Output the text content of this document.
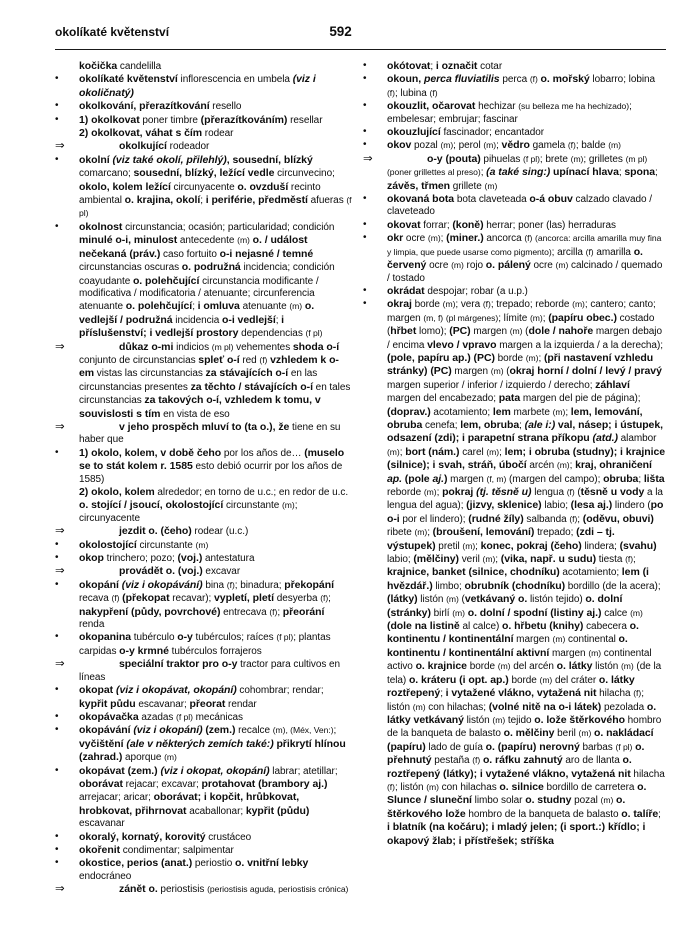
okolíkaté květenství	592
kočička candelilla
•	okolíkaté květenství inflorescencia en umbela (viz i okoličnatý)
•	okolkování, přerazítkování resello
•	1) okolkovat poner timbre (přerazítkováním) resellar
2) okolkovat, váhat s čím rodear
⇒	okolkující rodeador
•	okolní (viz také okolí, přilehlý), sousední, blízký comarcano; sousední, blízký, ležící vedle circunvecino; okolo, kolem ležící circunyacente o. ovzduší recinto ambiental o. krajina, okolí; i periférie, předměstí afueras (f pl)
•	okolnost circunstancia; ocasión; particularidad; condición minulé o-i, minulost antecedente (m) o. / událost nečekaná (práv.) caso fortuito o-i nejasné / temné circunstancias oscuras o. podružná incidencia; condición coayudante o. polehčující circunstancia modificante / modificativa / modificatoria / atenuante; circunferencia atenuante o. polehčující; i omluva atenuante (m) o. vedlejší / podružná incidencia o-i vedlejší; i příslušenství; i vedlejší prostory dependencias (f pl)
⇒	důkaz o-mi indicios (m pl) vehementes shoda o-í conjunto de circunstancias spleť o-í red (f) vzhledem k o-em vistas las circunstancias za stávajících o-í en las circunstancias presentes za těchto / stávajících o-í en tales circunstancias za takových o-í, vzhledem k tomu, v souvislosti s tím en vista de eso
⇒	v jeho prospěch mluví to (ta o.), že tiene en su haber que
•	1) okolo, kolem, v době čeho por los años de… (muselo se to stát kolem r. 1585 esto debió ocurrir por los años de 1585)
2) okolo, kolem alrededor; en torno de u.c.; en redor de u.c. o. stojící / jsoucí, okolostojící circunstante (m); circunyacente
⇒	jezdit o. (čeho) rodear (u.c.)
•	okolostojící circunstante (m)
•	okop trinchero; pozo; (voj.) antestatura
⇒	provádět o. (voj.) excavar
•	okopání (viz i okopávání) bina (f); binadura; překopání recava (f) (překopat recavar); vypletí, pletí desyerba (f); nakypření (půdy, povrchové) entrecava (f); přeorání renda
•	okopanina tubérculo o-y tubérculos; raíces (f pl); plantas carpidas o-y krmné tubérculos forrajeros
⇒	speciální traktor pro o-y tractor para cultivos en líneas
•	okopat (viz i okopávat, okopání) cohombrar; rendar; kypřit půdu escavanar; přeorat rendar
•	okopávačka azadas (f pl) mecánicas
•	okopávání (viz i okopání) (zem.) recalce (m), (Méx, Ven:); vyčištění (ale v některých zemích také:) přikrytí hlínou (zahrad.) aporque (m)
•	okopávat (zem.) (viz i okopat, okopání) labrar; atetillar; oborávat rejacar; excavar; protahovat (brambory aj.) arrejacar; aricar; oborávat; i kopčit, hrůbkovat, hrobkovat, přihrnovat acaballonar; kypřit (půdu) escavanar
•	okoralý, kornatý, korovitý crustáceo
•	okořenit condimentar; salpimentar
•	okostice, perios (anat.) periostio o. vnitřní lebky endocráneo
⇒	zánět o. periostisis (periostisis aguda, periostisis crónica)
•	okótovat; i označit cotar
•	okoun, perca fluviatilis perca (f) o. mořský lobarro; lobina (f); lubina (f)
•	okouzlit, očarovat hechizar (su belleza me ha hechizado); embelesar; embrujar; fascinar
•	okouzlující fascinador; encantador
•	okov pozal (m); perol (m); vědro gamela (f); balde (m)
⇒	o-y (pouta) pihuelas (f pl); brete (m); grilletes (m pl) (poner grillettes al preso); (a také sing:) upínací hlava; spona; závěs, třmen grillete (m)
•	okovaná bota bota claveteada o-á obuv calzado clavado / claveteado
•	okovat forrar; (koně) herrar; poner (las) herraduras
•	okr ocre (m); (miner.) ancorca (f) (ancorca: arcilla amarilla muy fina y limpia, que puede usarse como pigmento); arcilla (f) amarilla o. červený ocre (m) rojo o. pálený ocre (m) calcinado / quemado / tostado
•	okrádat despojar; robar (a u.p.)
•	okraj borde (m); vera (f); trepado; reborde (m); cantero; canto; margen (m, f) (pl márgenes); límite (m); (papíru obec.) costado (hřbet lomo); (PC) margen (m) (dole / nahoře margen debajo / encima vlevo / vpravo margen a la izquierda / a la derecha); (pole, papíru ap.) (PC) borde (m); (při nastavení vzhledu stránky) (PC) margen (m) (okraj horní / dolní / levý / pravý margen superior / inferior / izquierdo / derecho; záhlaví margen del encabezado; pata margen del pie de página); (doprav.) acotamiento; lem marbete (m); lem, lemování, obruba cenefa; lem, obruba; (ale i:) val, násep; i ústupek, odsazení (zdi); i parapetní strana příkopu (atd.) alambor (m); bort (nám.) carel (m); lem; i obruba (studny); i krajnice (silnice); i svah, stráň, úbočí arcén (m); kraj, ohraničení ap. (pole aj.) margen (f, m) (margen del campo); obruba; lišta reborde (m); pokraj (tj. těsně u) lengua (f) (těsně u vody a la lengua del agua); (jizvy, sklenice) labio; (lesa aj.) lindero (po o-i por el lindero); (rudné žíly) salbanda (f); (oděvu, obuvi) ribete (m); (broušení, lemování) trepado; (zdi – tj. výstupek) pretil (m); konec, pokraj (čeho) lindera; (svahu) labio; (mělčiny) veril (m); (vika, např. u sudu) tiesta (f); krajnice, banket (silnice, chodníku) acotamiento; lem (i hvězdář.) limbo; obrubník (chodníku) bordillo (de la acera); (látky) listón (m) (vetkávaný o. listón tejido) o. dolní (stránky) birlí (m) o. dolní / spodní (listiny aj.) calce (m) (dole na listině al calce) o. hřbetu (knihy) cabecera o. kontinentu / kontinentální margen (m) continental o. kontinentu / kontinentální aktivní margen (m) continental activo o. krajnice borde (m) del arcén o. látky listón (m) (de la tela) o. kráteru (i opt. ap.) borde (m) del cráter o. látky roztřepený; i vytažené vlákno, vytažená nit hilacha (f); listón (m) con hilachas; (volné nitě na o-i látek) pezolada o. látky vetkávaný listón (m) tejido o. lože štěrkového hombro de la banqueta de balasto o. mělčiny beril (m) o. nakládací (papíru) lado de guía o. (papíru) nerovný barbas (f pl) o. přehnutý pestaña (f) o. ráfku zahnutý aro de llanta o. roztřepený (látky); i vytažené vlákno, vytažená nit hilacha (f); listón (m) con hilachas o. silnice bordillo de carretera o. Slunce / sluneční limbo solar o. studny pozal (m) o. štěrkového lože hombro de la banqueta de balasto o. talíře; i blatník (na kočáru); i mladý jelen; (i sport.:) křídlo; i okapový žlab; i přístřešek; stříška
